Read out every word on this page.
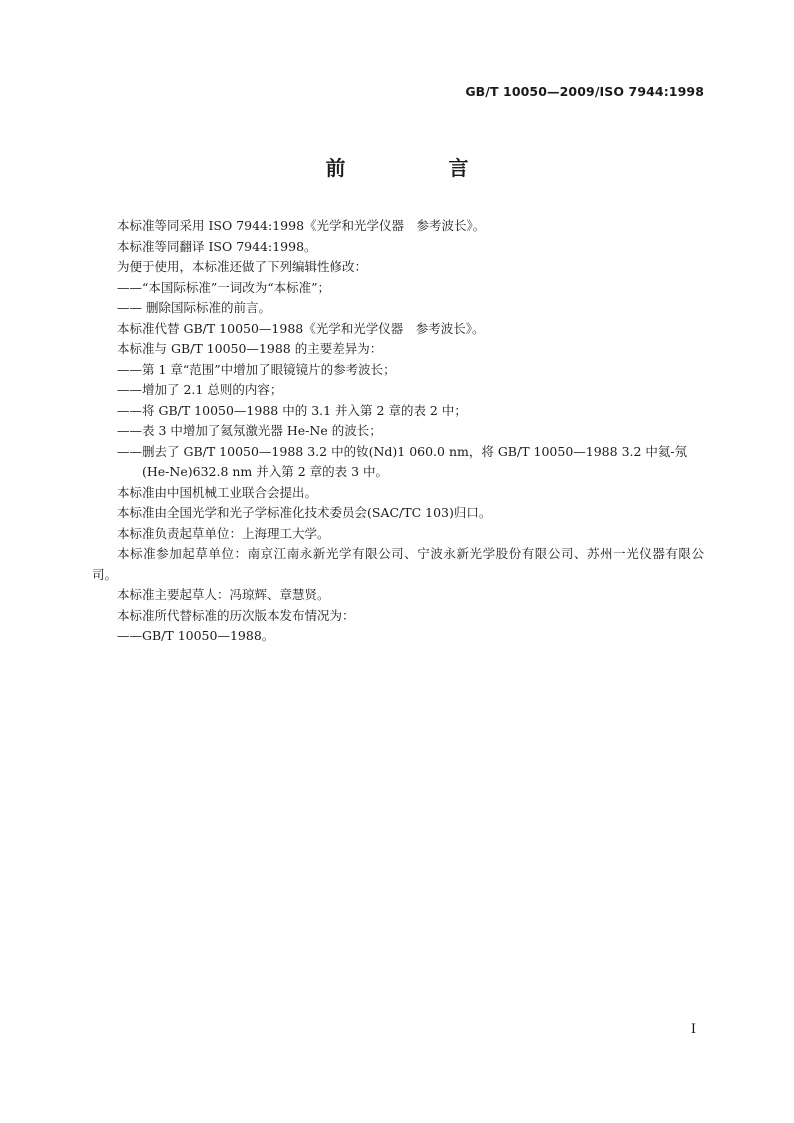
GB/T 10050—2009/ISO 7944:1998
前 言

本标准等同采用 ISO 7944:1998《光学和光学仪器　参考波长》。

本标准等同翻译 ISO 7944:1998。

为便于使用，本标准还做了下列编辑性修改：

——“本国际标准”一词改为“本标准”；

—— 删除国际标准的前言。

本标准代替 GB/T 10050—1988《光学和光学仪器　参考波长》。

本标准与 GB/T 10050—1988 的主要差异为：

——第 1 章“范围”中增加了眼镜镜片的参考波长；

——增加了 2.1 总则的内容；

——将 GB/T 10050—1988 中的 3.1 并入第 2 章的表 2 中；

——表 3 中增加了氦氖激光器 He-Ne 的波长；

——删去了 GB/T 10050—1988 3.2 中的钕(Nd)1 060.0 nm，将 GB/T 10050—1988 3.2 中氦-氖(He-Ne)632.8 nm 并入第 2 章的表 3 中。

本标准由中国机械工业联合会提出。

本标准由全国光学和光子学标准化技术委员会(SAC/TC 103)归口。

本标准负责起草单位：上海理工大学。

本标准参加起草单位：南京江南永新光学有限公司、宁波永新光学股份有限公司、苏州一光仪器有限公司。

本标准主要起草人：冯琼辉、章慧贤。

本标准所代替标准的历次版本发布情况为：

——GB/T 10050—1988。

I
